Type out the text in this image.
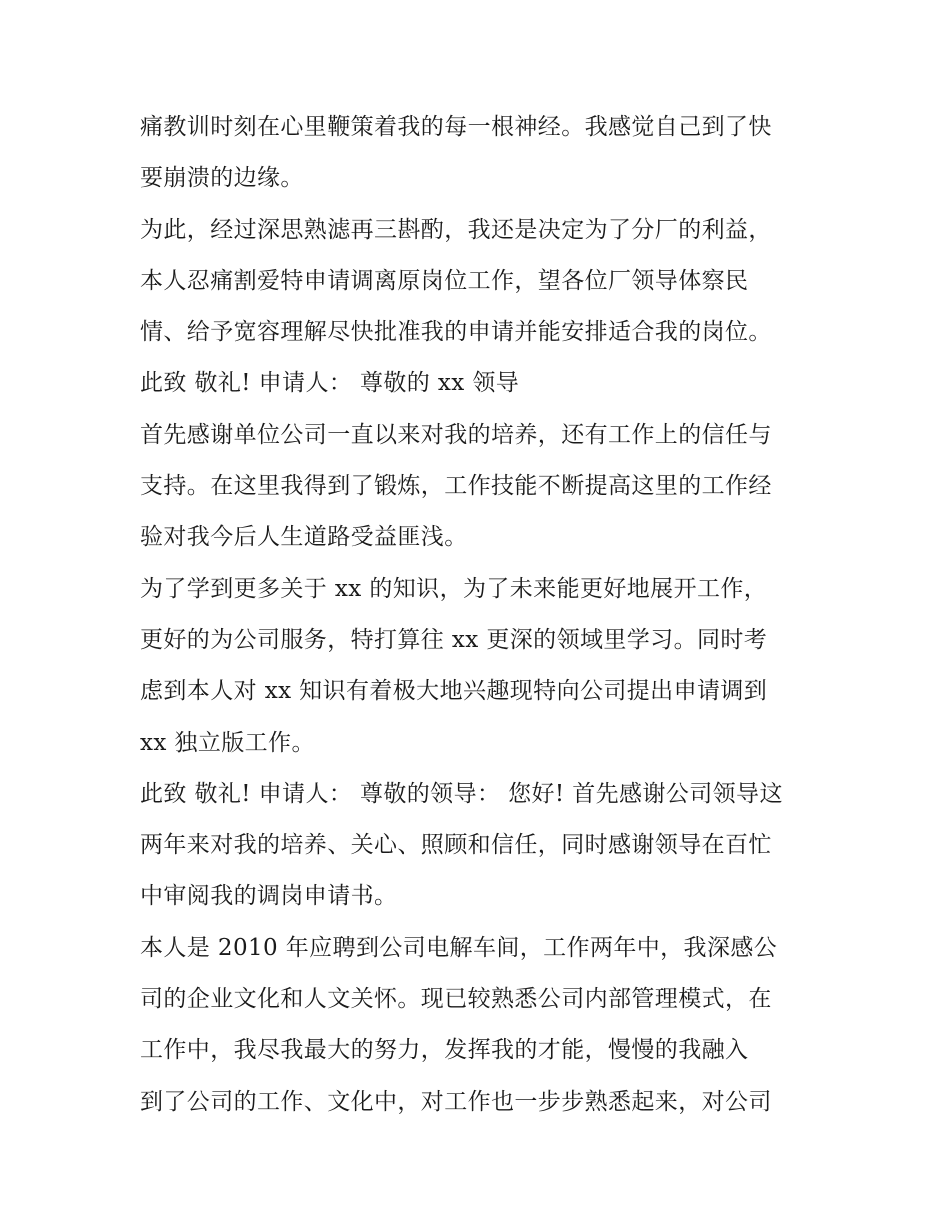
痛教训时刻在心里鞭策着我的每一根神经。我感觉自己到了快
要崩溃的边缘。
为此，经过深思熟滤再三斟酌，我还是决定为了分厂的利益，
本人忍痛割爱特申请调离原岗位工作，望各位厂领导体察民
情、给予宽容理解尽快批准我的申请并能安排适合我的岗位。
此致 敬礼! 申请人： 尊敬的 xx 领导
首先感谢单位公司一直以来对我的培养，还有工作上的信任与
支持。在这里我得到了锻炼，工作技能不断提高这里的工作经
验对我今后人生道路受益匪浅。
为了学到更多关于 xx 的知识，为了未来能更好地展开工作，
更好的为公司服务，特打算往 xx 更深的领域里学习。同时考
虑到本人对 xx 知识有着极大地兴趣现特向公司提出申请调到
xx 独立版工作。
此致 敬礼! 申请人： 尊敬的领导： 您好! 首先感谢公司领导这
两年来对我的培养、关心、照顾和信任，同时感谢领导在百忙
中审阅我的调岗申请书。
本人是 2010 年应聘到公司电解车间，工作两年中，我深感公
司的企业文化和人文关怀。现已较熟悉公司内部管理模式，在
工作中，我尽我最大的努力，发挥我的才能，慢慢的我融入
到了公司的工作、文化中，对工作也一步步熟悉起来，对公司
